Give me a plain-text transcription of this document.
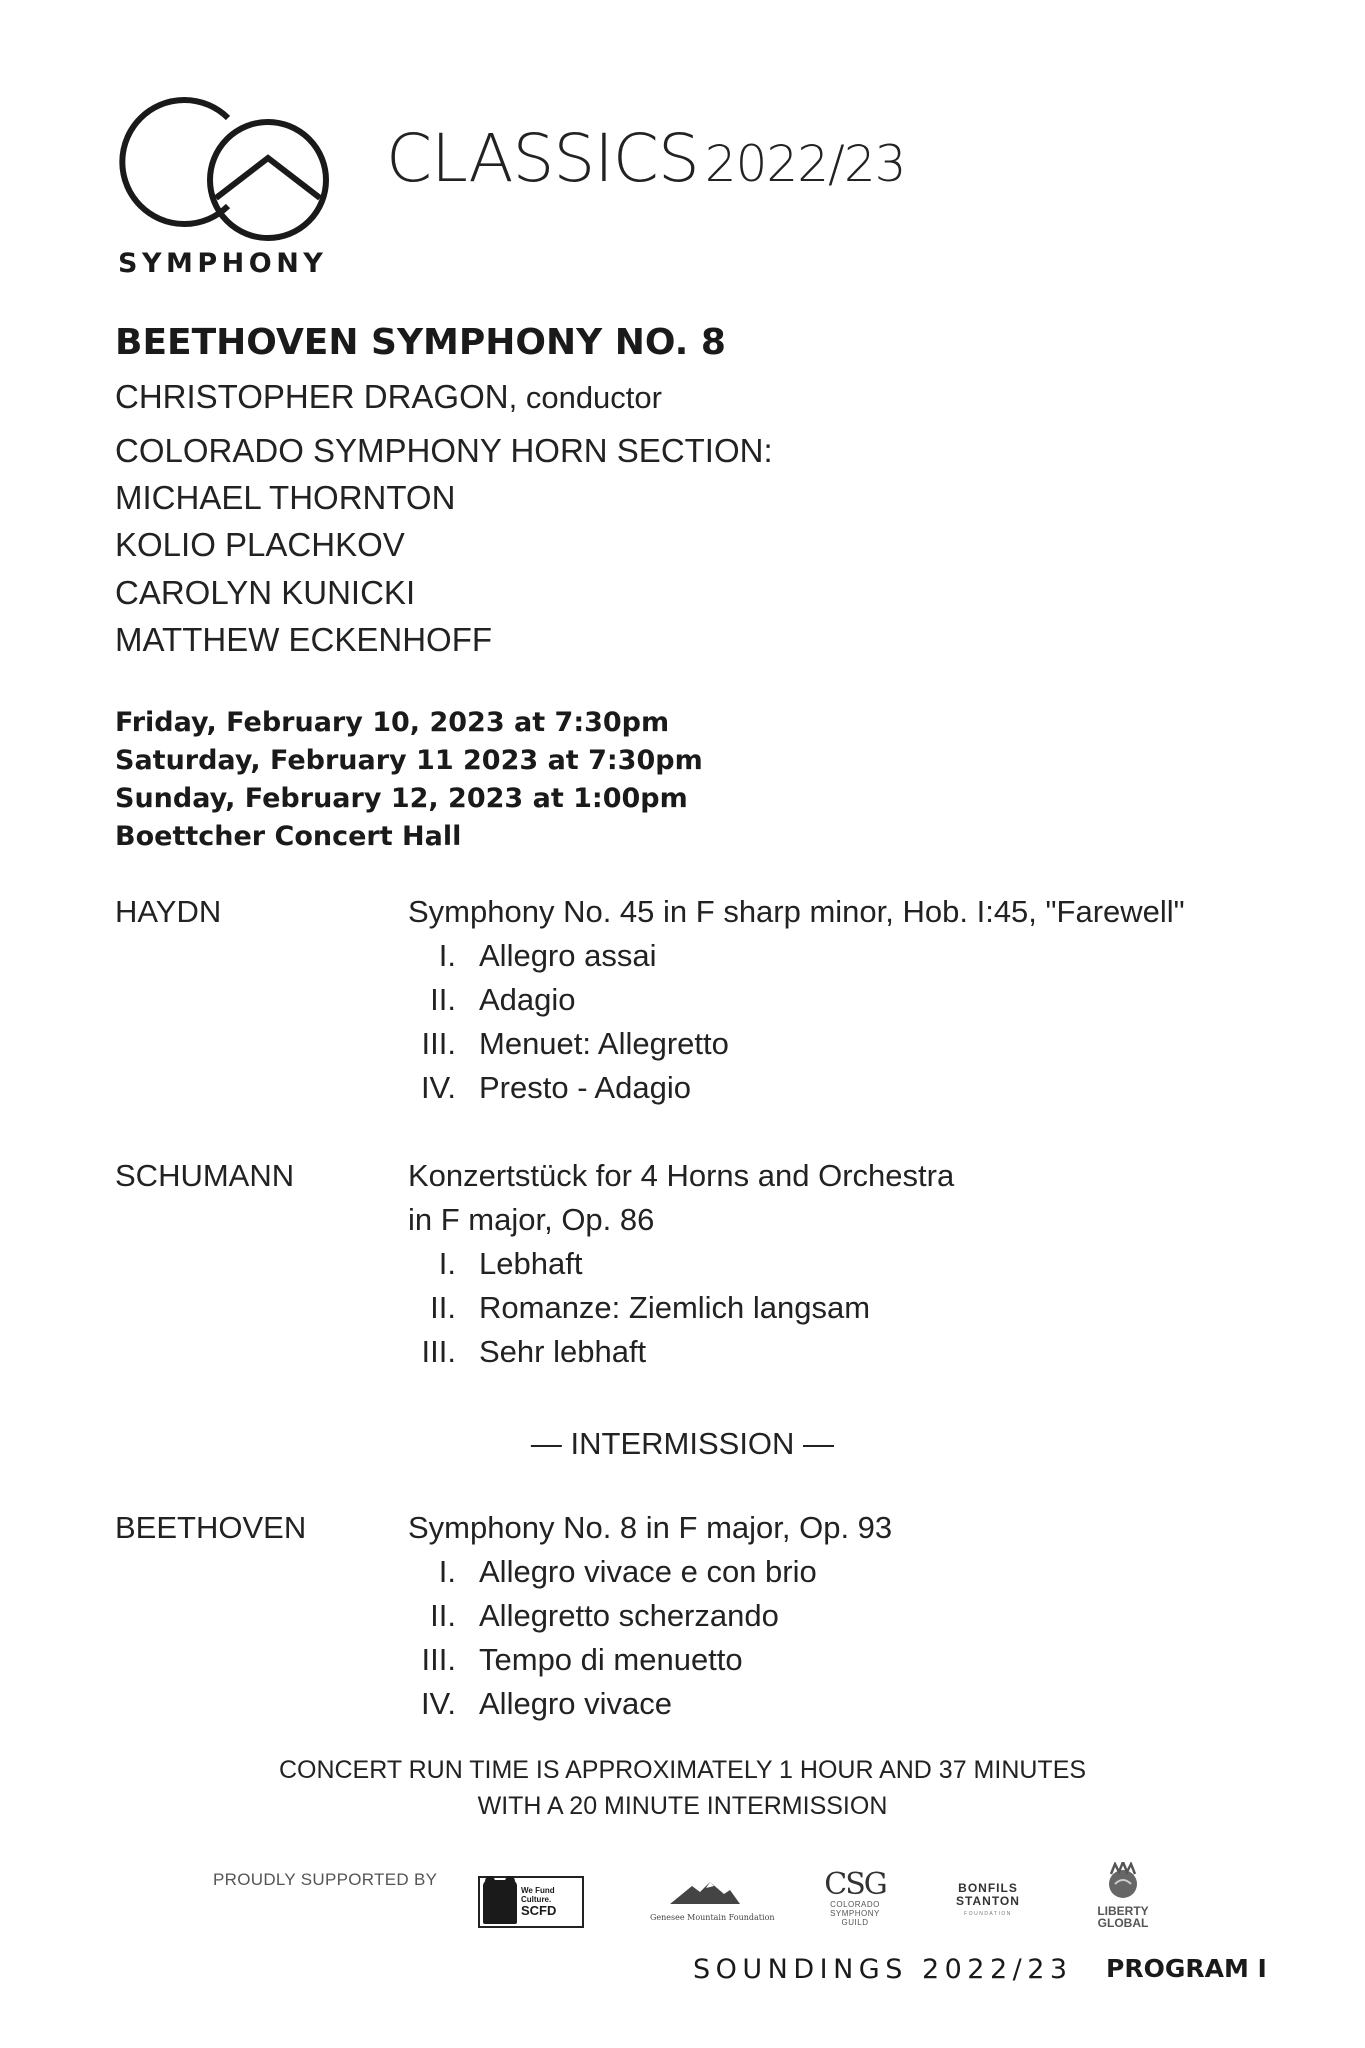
SYMPHONY
CLASSICS 2022/23
BEETHOVEN SYMPHONY NO. 8
CHRISTOPHER DRAGON, conductor
COLORADO SYMPHONY HORN SECTION:
MICHAEL THORNTON
KOLIO PLACHKOV
CAROLYN KUNICKI
MATTHEW ECKENHOFF
Friday, February 10, 2023 at 7:30pm
Saturday, February 11 2023 at 7:30pm
Sunday, February 12, 2023 at 1:00pm
Boettcher Concert Hall
HAYDN	Symphony No. 45 in F sharp minor, Hob. I:45, "Farewell"
I. Allegro assai
II. Adagio
III. Menuet: Allegretto
IV. Presto - Adagio
SCHUMANN	Konzertstück for 4 Horns and Orchestra
in F major, Op. 86
I. Lebhaft
II. Romanze: Ziemlich langsam
III. Sehr lebhaft
— INTERMISSION —
BEETHOVEN	Symphony No. 8 in F major, Op. 93
I. Allegro vivace e con brio
II. Allegretto scherzando
III. Tempo di menuetto
IV. Allegro vivace
CONCERT RUN TIME IS APPROXIMATELY 1 HOUR AND 37 MINUTES
WITH A 20 MINUTE INTERMISSION
PROUDLY SUPPORTED BY
We Fund
Culture.
SCFD	Genesee Mountain Foundation
CSG
COLORADO
SYMPHONY
GUILD
BONFILS
STANTON
FOUNDATION	LIBERTY
GLOBAL
SOUNDINGS 2022/23 PROGRAM I
